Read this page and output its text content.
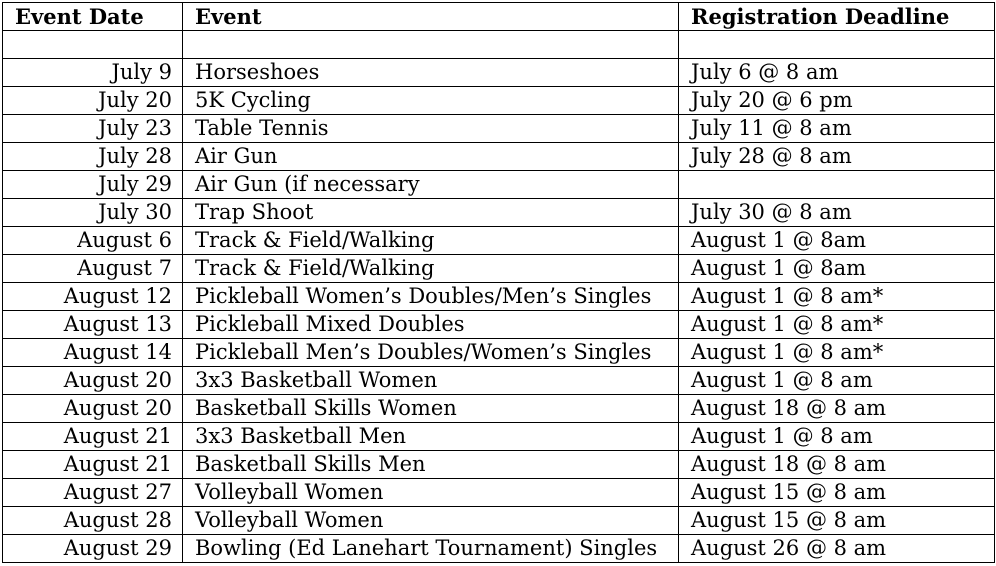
Event Date	Event	Registration Deadline

July 9	Horseshoes	July 6 @ 8 am
July 20	5K Cycling	July 20 @ 6 pm
July 23	Table Tennis	July 11 @ 8 am
July 28	Air Gun	July 28 @ 8 am
July 29	Air Gun (if necessary	
July 30	Trap Shoot	July 30 @ 8 am
August 6	Track & Field/Walking	August 1 @ 8am
August 7	Track & Field/Walking	August 1 @ 8am
August 12	Pickleball Women’s Doubles/Men’s Singles	August 1 @ 8 am*
August 13	Pickleball Mixed Doubles	August 1 @ 8 am*
August 14	Pickleball Men’s Doubles/Women’s Singles	August 1 @ 8 am*
August 20	3x3 Basketball Women	August 1 @ 8 am
August 20	Basketball Skills Women	August 18 @ 8 am
August 21	3x3 Basketball Men	August 1 @ 8 am
August 21	Basketball Skills Men	August 18 @ 8 am
August 27	Volleyball Women	August 15 @ 8 am
August 28	Volleyball Women	August 15 @ 8 am
August 29	Bowling (Ed Lanehart Tournament) Singles	August 26 @ 8 am
